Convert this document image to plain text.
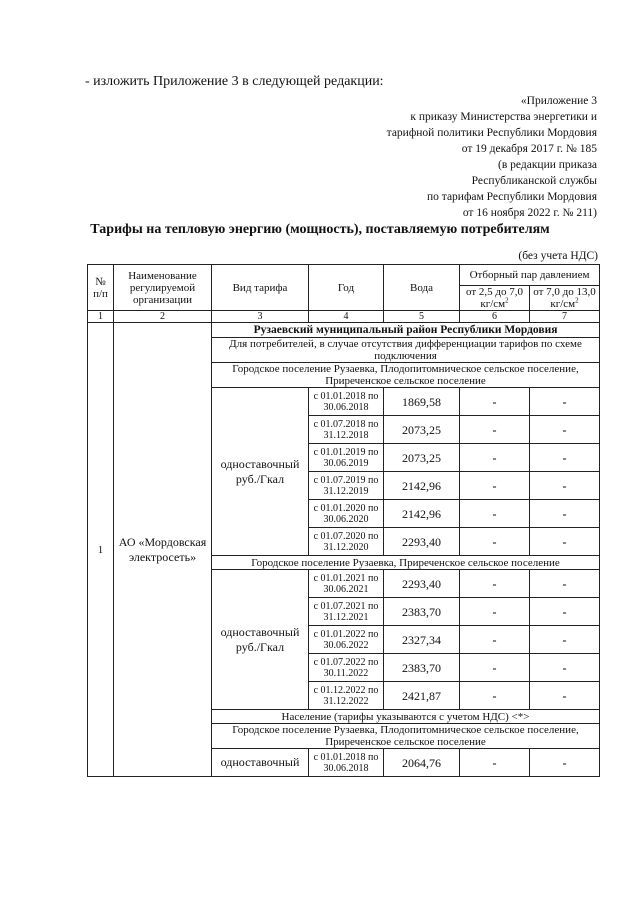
- изложить Приложение 3 в следующей редакции:
«Приложение 3
к приказу Министерства энергетики и
тарифной политики Республики Мордовия
от 19 декабря 2017 г. № 185
(в редакции приказа
Республиканской службы
по тарифам Республики Мордовия
от 16 ноября 2022 г. № 211)
Тарифы на тепловую энергию (мощность), поставляемую потребителям
(без учета НДС)
№ п/п	Наименование регулируемой организации	Вид тарифа	Год	Вода	Отборный пар давлением	
					от 2,5 до 7,0 $кг/см^2$	от 7,0 до 13,0 $кг/см^2$
1	2	3	4	5	6	7
1	АО «Мордовская электросеть»	Рузаевский муниципальный район Республики Мордовия				
		Для потребителей, в случае отсутствия дифференциации тарифов по схеме подключения				
		Городское поселение Рузаевка, Плодопитомническое сельское поселение, Приреченское сельское поселение				
		одноставочный руб./Гкал	с 01.01.2018 по 30.06.2018	1869,58	-	-
			с 01.07.2018 по 31.12.2018	2073,25	-	-
			с 01.01.2019 по 30.06.2019	2073,25	-	-
			с 01.07.2019 по 31.12.2019	2142,96	-	-
			с 01.01.2020 по 30.06.2020	2142,96	-	-
			с 01.07.2020 по 31.12.2020	2293,40	-	-
		Городское поселение Рузаевка, Приреченское сельское поселение				
		одноставочный руб./Гкал	с 01.01.2021 по 30.06.2021	2293,40	-	-
			с 01.07.2021 по 31.12.2021	2383,70	-	-
			с 01.01.2022 по 30.06.2022	2327,34	-	-
			с 01.07.2022 по 30.11.2022	2383,70	-	-
			с 01.12.2022 по 31.12.2022	2421,87	-	-
		Население (тарифы указываются с учетом НДС) <*>				
		Городское поселение Рузаевка, Плодопитомническое сельское поселение, Приреченское сельское поселение				
		одноставочный	с 01.01.2018 по 30.06.2018	2064,76	-	-
